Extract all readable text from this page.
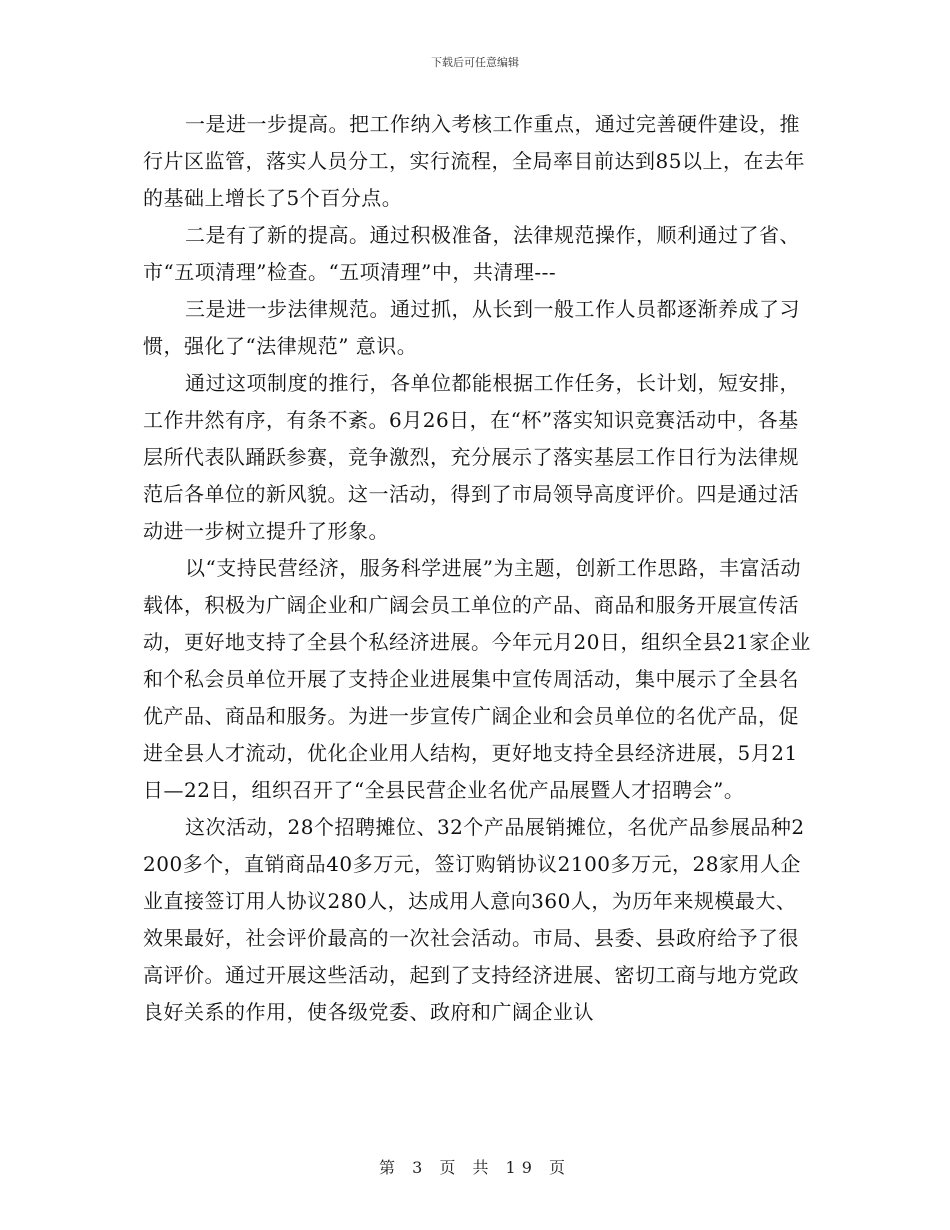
下载后可任意编辑

一是进一步提高。把工作纳入考核工作重点，通过完善硬件建设，推行片区监管，落实人员分工，实行流程，全局率目前达到85以上，在去年的基础上增长了5个百分点。

二是有了新的提高。通过积极准备，法律规范操作，顺利通过了省、市“五项清理”检查。“五项清理”中，共清理---

三是进一步法律规范。通过抓，从长到一般工作人员都逐渐养成了习惯，强化了“法律规范” 意识。

通过这项制度的推行，各单位都能根据工作任务，长计划，短安排，工作井然有序，有条不紊。6月26日，在“杯”落实知识竞赛活动中，各基层所代表队踊跃参赛，竞争激烈，充分展示了落实基层工作日行为法律规范后各单位的新风貌。这一活动，得到了市局领导高度评价。四是通过活动进一步树立提升了形象。

以“支持民营经济，服务科学进展”为主题，创新工作思路，丰富活动载体，积极为广阔企业和广阔会员工单位的产品、商品和服务开展宣传活动，更好地支持了全县个私经济进展。今年元月20日，组织全县21家企业和个私会员单位开展了支持企业进展集中宣传周活动，集中展示了全县名优产品、商品和服务。为进一步宣传广阔企业和会员单位的名优产品，促进全县人才流动，优化企业用人结构，更好地支持全县经济进展，5月21日—22日，组织召开了“全县民营企业名优产品展暨人才招聘会”。

这次活动，28个招聘摊位、32个产品展销摊位，名优产品参展品种2200多个，直销商品40多万元，签订购销协议2100多万元，28家用人企业直接签订用人协议280人，达成用人意向360人，为历年来规模最大、效果最好，社会评价最高的一次社会活动。市局、县委、县政府给予了很高评价。通过开展这些活动，起到了支持经济进展、密切工商与地方党政良好关系的作用，使各级党委、政府和广阔企业认

第 3 页 共 19 页
